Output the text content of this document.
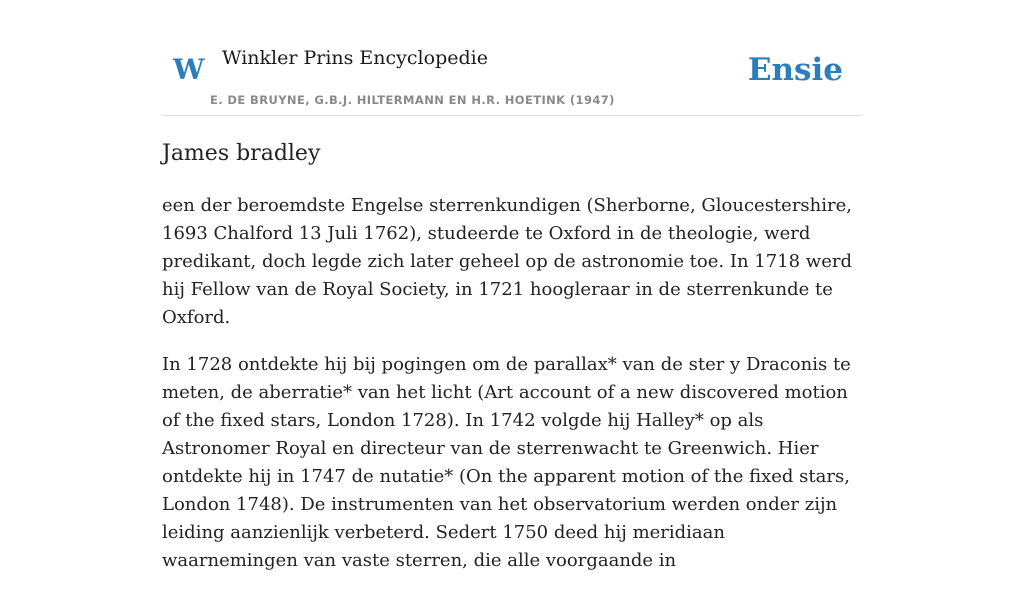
W Winkler Prins Encyclopedie
E. DE BRUYNE, G.B.J. HILTERMANN EN H.R. HOETINK (1947)
Ensie
James bradley

een der beroemdste Engelse sterrenkundigen (Sherborne, Gloucestershire, 1693 Chalford 13 Juli 1762), studeerde te Oxford in de theologie, werd predikant, doch legde zich later geheel op de astronomie toe. In 1718 werd hij Fellow van de Royal Society, in 1721 hoogleraar in de sterrenkunde te Oxford.

In 1728 ontdekte hij bij pogingen om de parallax* van de ster y Draconis te meten, de aberratie* van het licht (Art account of a new discovered motion of the fixed stars, London 1728). In 1742 volgde hij Halley* op als Astronomer Royal en directeur van de sterrenwacht te Greenwich. Hier ontdekte hij in 1747 de nutatie* (On the apparent motion of the fixed stars, London 1748). De instrumenten van het observatorium werden onder zijn leiding aanzienlijk verbeterd. Sedert 1750 deed hij meridiaan waarnemingen van vaste sterren, die alle voorgaande in
